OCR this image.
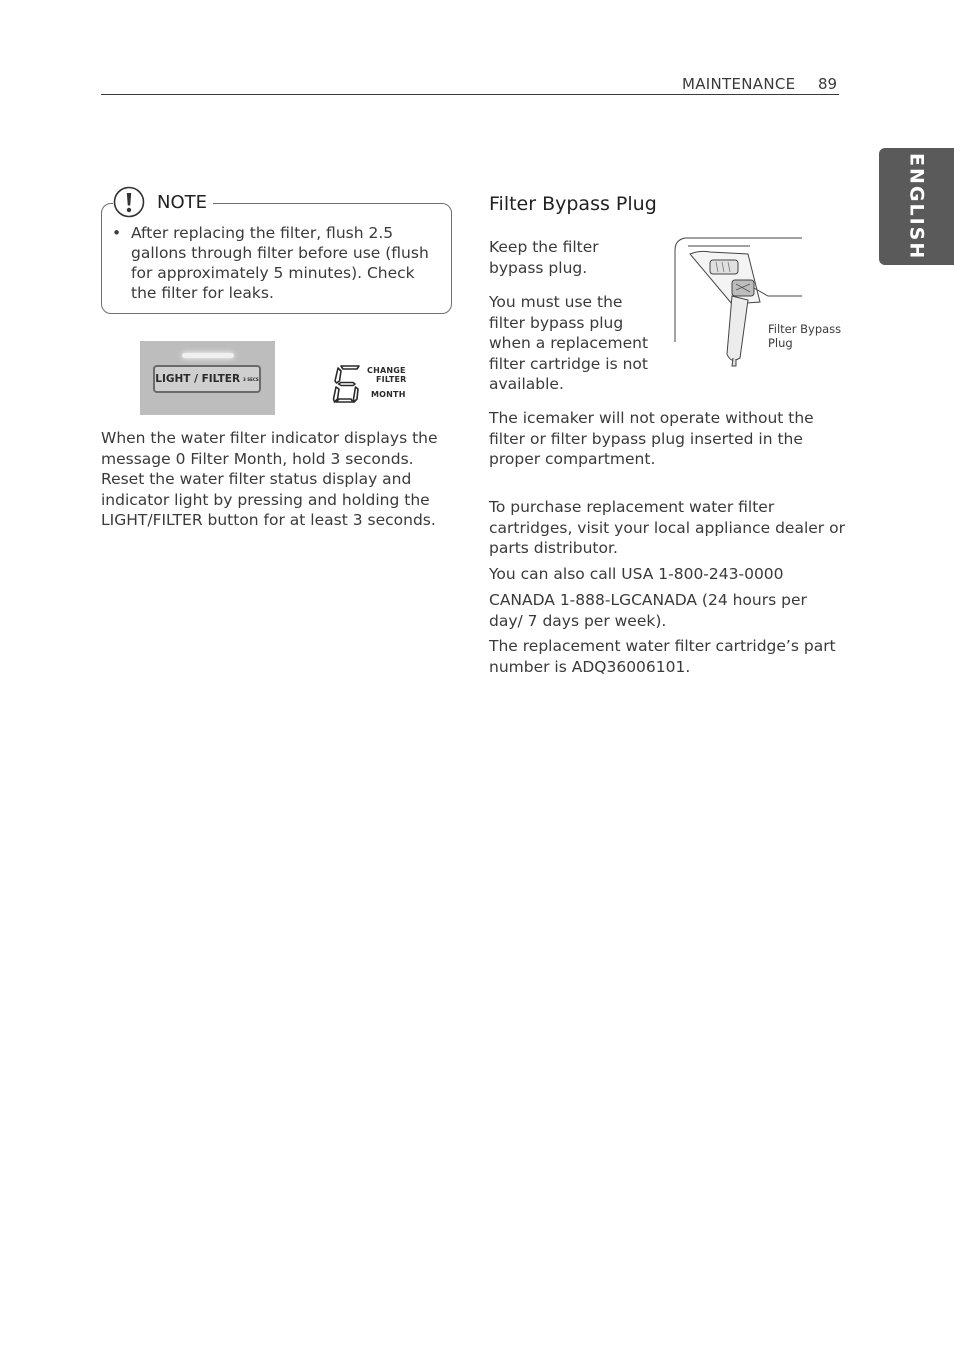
MAINTENANCE 89
ENGLISH
NOTE
• After replacing the filter, flush 2.5 gallons through filter before use (flush for approximately 5 minutes). Check the filter for leaks.
LIGHT / FILTER 3 SECS
CHANGE
FILTER
MONTH

When the water filter indicator displays the message 0 Filter Month, hold 3 seconds. Reset the water filter status display and indicator light by pressing and holding the LIGHT/FILTER button for at least 3 seconds.

Filter Bypass Plug

Keep the filter bypass plug.

You must use the filter bypass plug when a replacement filter cartridge is not available.

Filter Bypass Plug

The icemaker will not operate without the filter or filter bypass plug inserted in the proper compartment.

To purchase replacement water filter cartridges, visit your local appliance dealer or parts distributor.

You can also call USA 1-800-243-0000

CANADA 1-888-LGCANADA (24 hours per day/ 7 days per week).

The replacement water filter cartridge’s part number is ADQ36006101.
